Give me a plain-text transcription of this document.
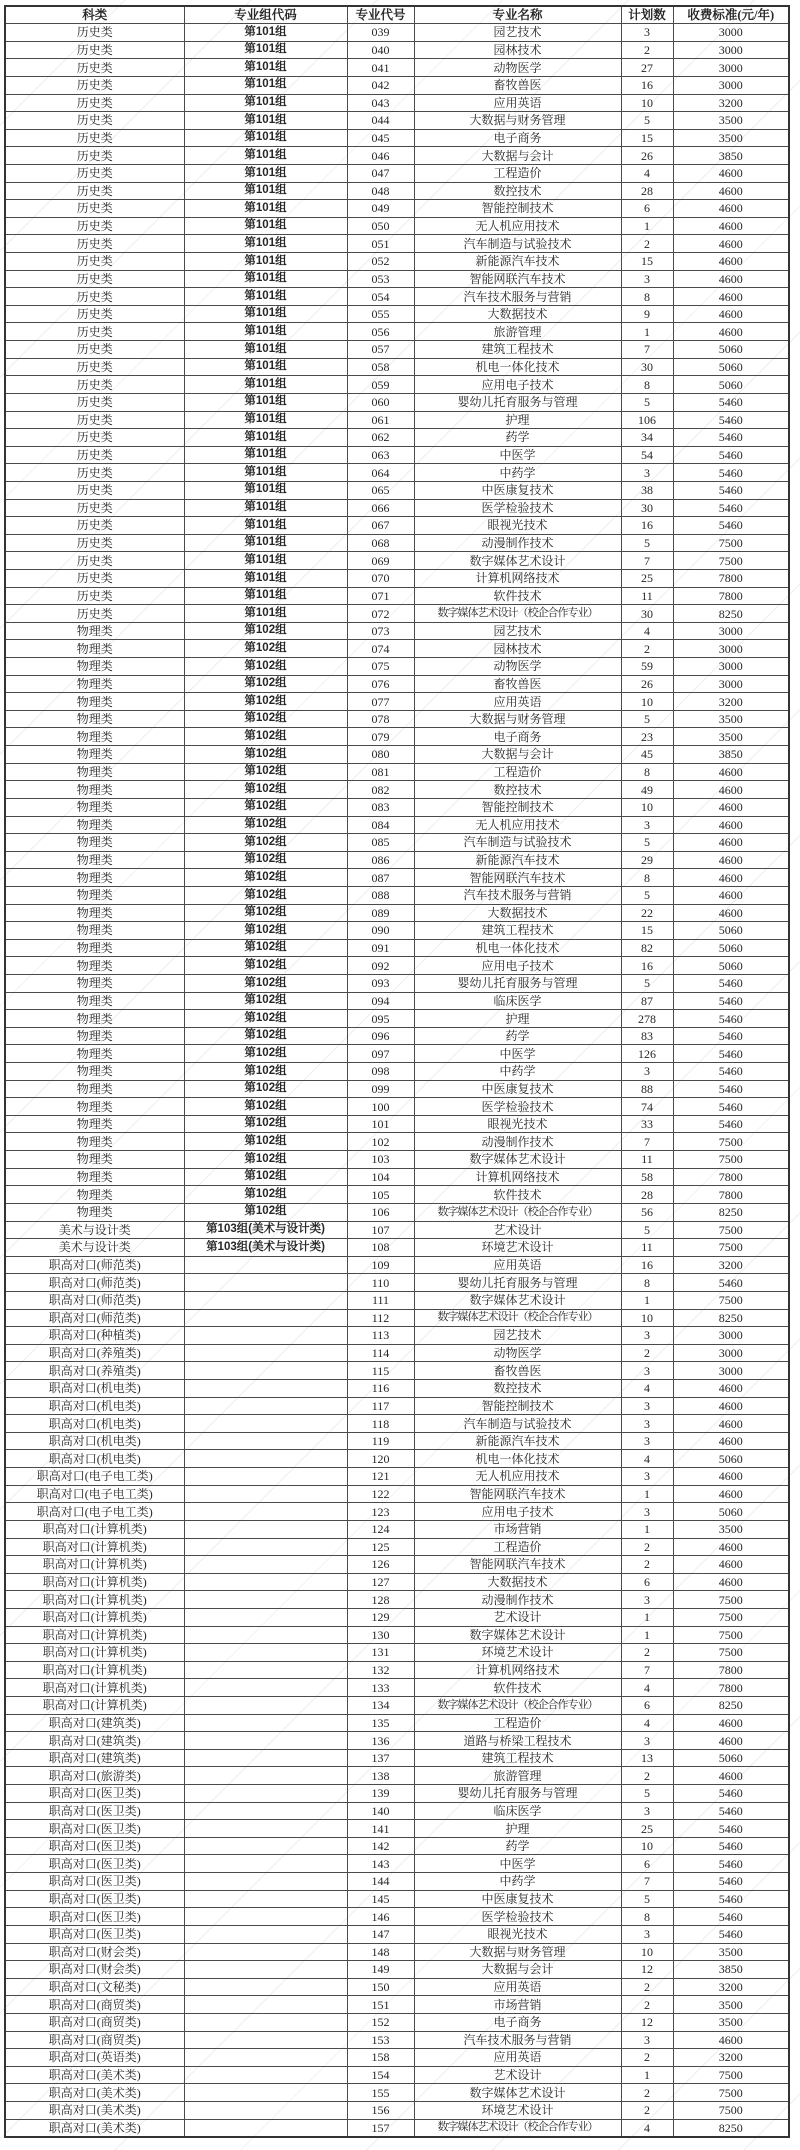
科类	专业组代码	专业代号	专业名称	计划数	收费标准(元/年)
历史类	第101组	039	园艺技术	3	3000
历史类	第101组	040	园林技术	2	3000
历史类	第101组	041	动物医学	27	3000
历史类	第101组	042	畜牧兽医	16	3000
历史类	第101组	043	应用英语	10	3200
历史类	第101组	044	大数据与财务管理	5	3500
历史类	第101组	045	电子商务	15	3500
历史类	第101组	046	大数据与会计	26	3850
历史类	第101组	047	工程造价	4	4600
历史类	第101组	048	数控技术	28	4600
历史类	第101组	049	智能控制技术	6	4600
历史类	第101组	050	无人机应用技术	1	4600
历史类	第101组	051	汽车制造与试验技术	2	4600
历史类	第101组	052	新能源汽车技术	15	4600
历史类	第101组	053	智能网联汽车技术	3	4600
历史类	第101组	054	汽车技术服务与营销	8	4600
历史类	第101组	055	大数据技术	9	4600
历史类	第101组	056	旅游管理	1	4600
历史类	第101组	057	建筑工程技术	7	5060
历史类	第101组	058	机电一体化技术	30	5060
历史类	第101组	059	应用电子技术	8	5060
历史类	第101组	060	婴幼儿托育服务与管理	5	5460
历史类	第101组	061	护理	106	5460
历史类	第101组	062	药学	34	5460
历史类	第101组	063	中医学	54	5460
历史类	第101组	064	中药学	3	5460
历史类	第101组	065	中医康复技术	38	5460
历史类	第101组	066	医学检验技术	30	5460
历史类	第101组	067	眼视光技术	16	5460
历史类	第101组	068	动漫制作技术	5	7500
历史类	第101组	069	数字媒体艺术设计	7	7500
历史类	第101组	070	计算机网络技术	25	7800
历史类	第101组	071	软件技术	11	7800
历史类	第101组	072	数字媒体艺术设计（校企合作专业）	30	8250
物理类	第102组	073	园艺技术	4	3000
物理类	第102组	074	园林技术	2	3000
物理类	第102组	075	动物医学	59	3000
物理类	第102组	076	畜牧兽医	26	3000
物理类	第102组	077	应用英语	10	3200
物理类	第102组	078	大数据与财务管理	5	3500
物理类	第102组	079	电子商务	23	3500
物理类	第102组	080	大数据与会计	45	3850
物理类	第102组	081	工程造价	8	4600
物理类	第102组	082	数控技术	49	4600
物理类	第102组	083	智能控制技术	10	4600
物理类	第102组	084	无人机应用技术	3	4600
物理类	第102组	085	汽车制造与试验技术	5	4600
物理类	第102组	086	新能源汽车技术	29	4600
物理类	第102组	087	智能网联汽车技术	8	4600
物理类	第102组	088	汽车技术服务与营销	5	4600
物理类	第102组	089	大数据技术	22	4600
物理类	第102组	090	建筑工程技术	15	5060
物理类	第102组	091	机电一体化技术	82	5060
物理类	第102组	092	应用电子技术	16	5060
物理类	第102组	093	婴幼儿托育服务与管理	5	5460
物理类	第102组	094	临床医学	87	5460
物理类	第102组	095	护理	278	5460
物理类	第102组	096	药学	83	5460
物理类	第102组	097	中医学	126	5460
物理类	第102组	098	中药学	3	5460
物理类	第102组	099	中医康复技术	88	5460
物理类	第102组	100	医学检验技术	74	5460
物理类	第102组	101	眼视光技术	33	5460
物理类	第102组	102	动漫制作技术	7	7500
物理类	第102组	103	数字媒体艺术设计	11	7500
物理类	第102组	104	计算机网络技术	58	7800
物理类	第102组	105	软件技术	28	7800
物理类	第102组	106	数字媒体艺术设计（校企合作专业）	56	8250
美术与设计类	第103组(美术与设计类)	107	艺术设计	5	7500
美术与设计类	第103组(美术与设计类)	108	环境艺术设计	11	7500
职高对口(师范类)		109	应用英语	16	3200
职高对口(师范类)		110	婴幼儿托育服务与管理	8	5460
职高对口(师范类)		111	数字媒体艺术设计	1	7500
职高对口(师范类)		112	数字媒体艺术设计（校企合作专业）	10	8250
职高对口(种植类)		113	园艺技术	3	3000
职高对口(养殖类)		114	动物医学	2	3000
职高对口(养殖类)		115	畜牧兽医	3	3000
职高对口(机电类)		116	数控技术	4	4600
职高对口(机电类)		117	智能控制技术	3	4600
职高对口(机电类)		118	汽车制造与试验技术	3	4600
职高对口(机电类)		119	新能源汽车技术	3	4600
职高对口(机电类)		120	机电一体化技术	4	5060
职高对口(电子电工类)		121	无人机应用技术	3	4600
职高对口(电子电工类)		122	智能网联汽车技术	1	4600
职高对口(电子电工类)		123	应用电子技术	3	5060
职高对口(计算机类)		124	市场营销	1	3500
职高对口(计算机类)		125	工程造价	2	4600
职高对口(计算机类)		126	智能网联汽车技术	2	4600
职高对口(计算机类)		127	大数据技术	6	4600
职高对口(计算机类)		128	动漫制作技术	3	7500
职高对口(计算机类)		129	艺术设计	1	7500
职高对口(计算机类)		130	数字媒体艺术设计	1	7500
职高对口(计算机类)		131	环境艺术设计	2	7500
职高对口(计算机类)		132	计算机网络技术	7	7800
职高对口(计算机类)		133	软件技术	4	7800
职高对口(计算机类)		134	数字媒体艺术设计（校企合作专业）	6	8250
职高对口(建筑类)		135	工程造价	4	4600
职高对口(建筑类)		136	道路与桥梁工程技术	3	4600
职高对口(建筑类)		137	建筑工程技术	13	5060
职高对口(旅游类)		138	旅游管理	2	4600
职高对口(医卫类)		139	婴幼儿托育服务与管理	5	5460
职高对口(医卫类)		140	临床医学	3	5460
职高对口(医卫类)		141	护理	25	5460
职高对口(医卫类)		142	药学	10	5460
职高对口(医卫类)		143	中医学	6	5460
职高对口(医卫类)		144	中药学	7	5460
职高对口(医卫类)		145	中医康复技术	5	5460
职高对口(医卫类)		146	医学检验技术	8	5460
职高对口(医卫类)		147	眼视光技术	3	5460
职高对口(财会类)		148	大数据与财务管理	10	3500
职高对口(财会类)		149	大数据与会计	12	3850
职高对口(文秘类)		150	应用英语	2	3200
职高对口(商贸类)		151	市场营销	2	3500
职高对口(商贸类)		152	电子商务	12	3500
职高对口(商贸类)		153	汽车技术服务与营销	3	4600
职高对口(英语类)		158	应用英语	2	3200
职高对口(美术类)		154	艺术设计	1	7500
职高对口(美术类)		155	数字媒体艺术设计	2	7500
职高对口(美术类)		156	环境艺术设计	2	7500
职高对口(美术类)		157	数字媒体艺术设计（校企合作专业）	4	8250
